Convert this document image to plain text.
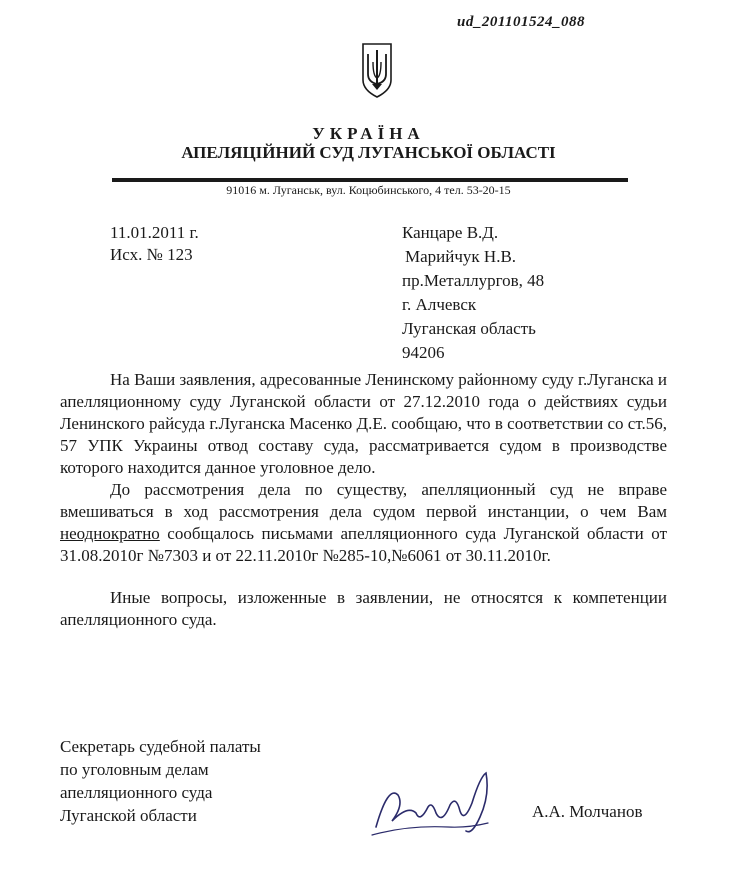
ud_201101524_088
УКРАЇНА
АПЕЛЯЦІЙНИЙ СУД ЛУГАНСЬКОЇ ОБЛАСТІ
91016 м. Луганськ, вул. Коцюбинського, 4 тел. 53-20-15
11.01.2011 г.
Исх. № 123
Канцаре В.Д.
Марийчук Н.В.
пр.Металлургов, 48
г. Алчевск
Луганская область
94206

На Ваши заявления, адресованные Ленинскому районному суду г.Луганска и апелляционному суду Луганской области от 27.12.2010 года о действиях судьи Ленинского райсуда г.Луганска Масенко Д.Е. сообщаю, что в соответствии со ст.56, 57 УПК Украины отвод составу суда, рассматривается судом в производстве которого находится данное уголовное дело.

До рассмотрения дела по существу, апелляционный суд не вправе вмешиваться в ход рассмотрения дела судом первой инстанции, о чем Вам неоднократно сообщалось письмами апелляционного суда Луганской области от 31.08.2010г №7303 и от 22.11.2010г №285-10,№6061 от 30.11.2010г.

Иные вопросы, изложенные в заявлении, не относятся к компетенции апелляционного суда.

Секретарь судебной палаты
по уголовным делам
апелляционного суда
Луганской области	А.А. Молчанов
